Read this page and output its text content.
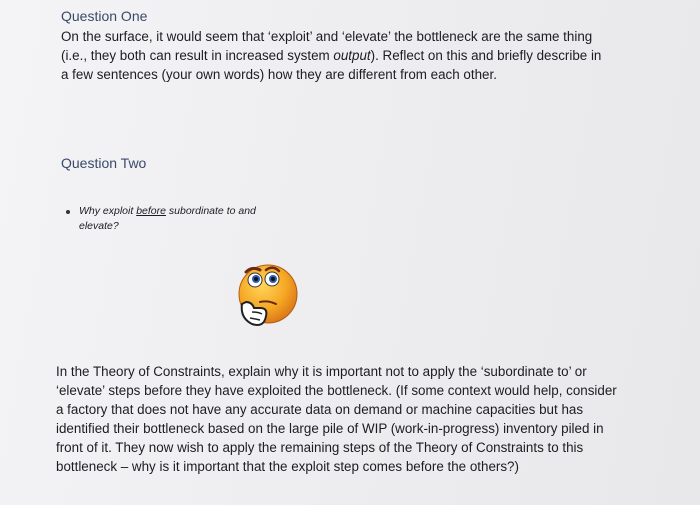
Question One
On the surface, it would seem that ‘exploit’ and ‘elevate’ the bottleneck are the same thing
(i.e., they both can result in increased system output). Reflect on this and briefly describe in
a few sentences (your own words) how they are different from each other.
Question Two
Why exploit before subordinate to and
elevate?
In the Theory of Constraints, explain why it is important not to apply the ‘subordinate to’ or
‘elevate’ steps before they have exploited the bottleneck. (If some context would help, consider
a factory that does not have any accurate data on demand or machine capacities but has
identified their bottleneck based on the large pile of WIP (work-in-progress) inventory piled in
front of it. They now wish to apply the remaining steps of the Theory of Constraints to this
bottleneck – why is it important that the exploit step comes before the others?)
